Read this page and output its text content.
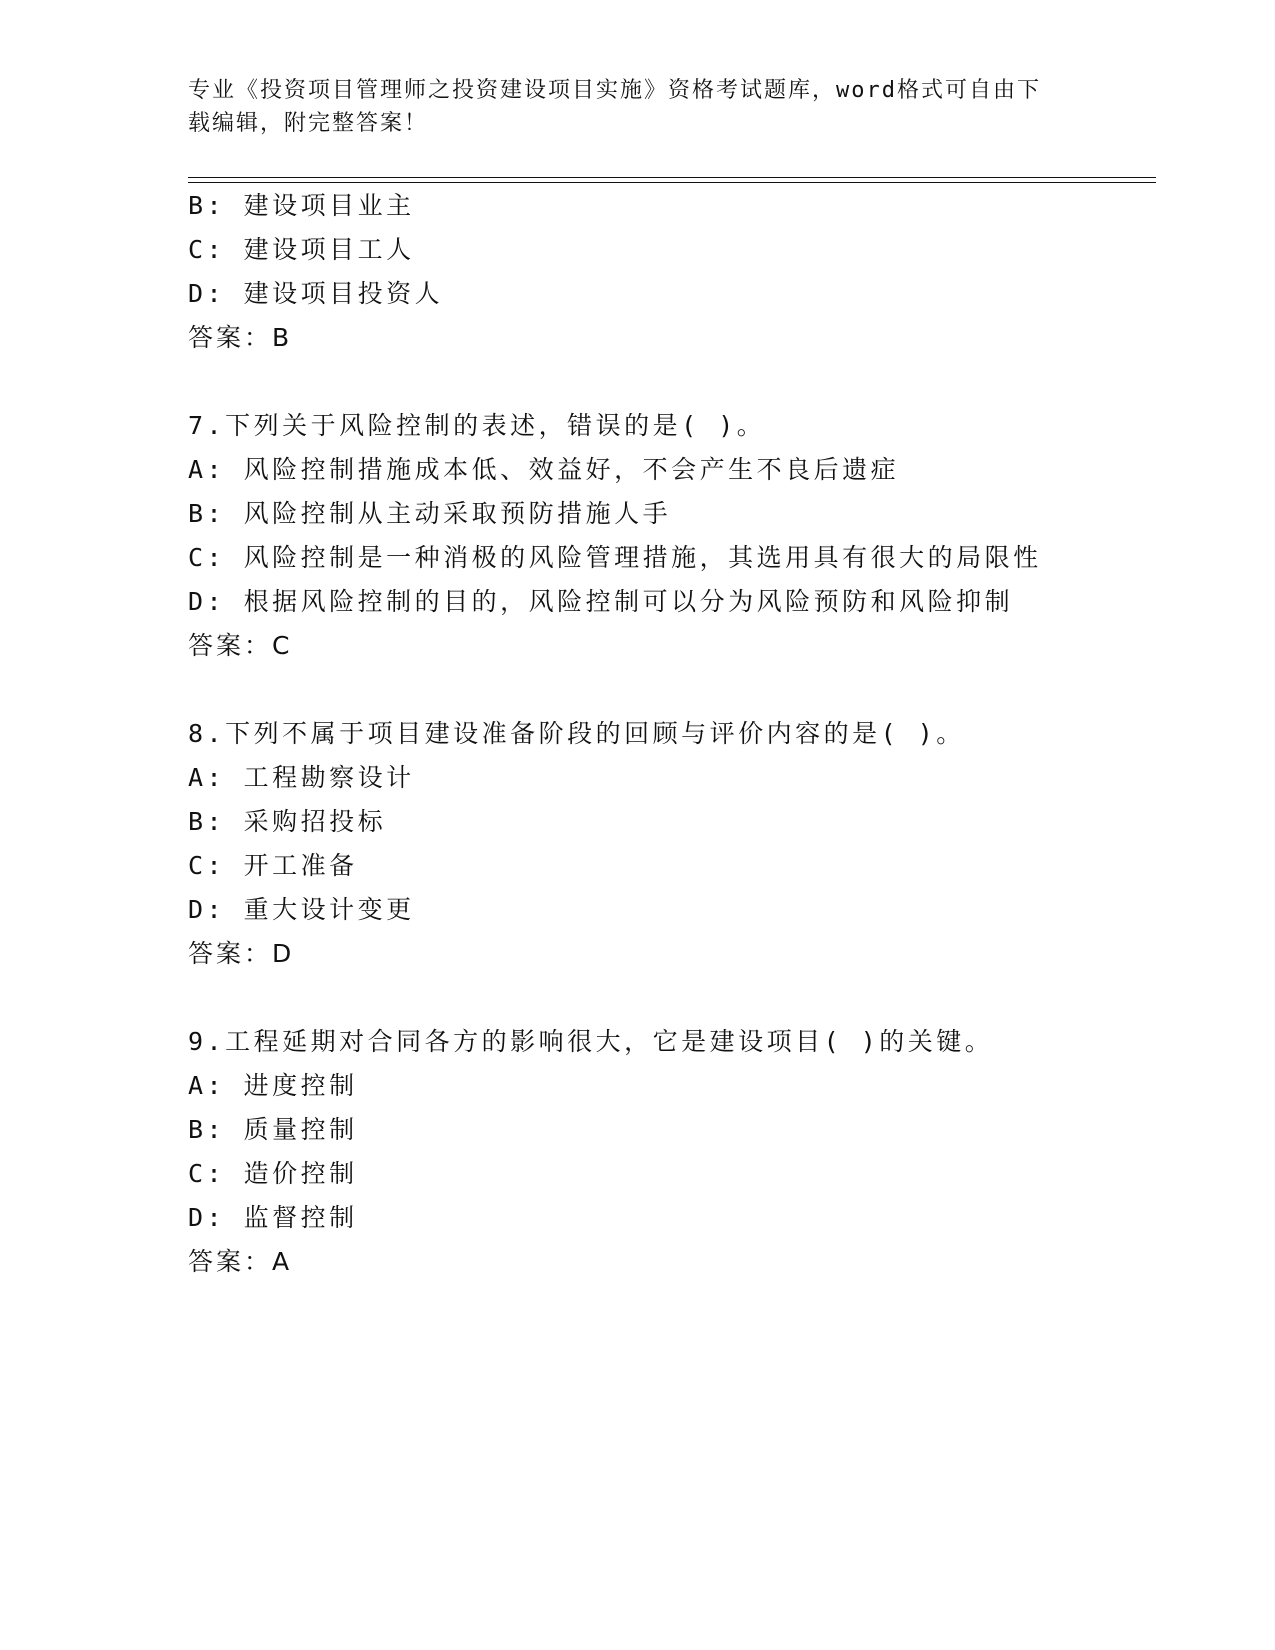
专业《投资项目管理师之投资建设项目实施》资格考试题库，word格式可自由下
载编辑，附完整答案！
B: 建设项目业主
C: 建设项目工人
D: 建设项目投资人
答案：B
7.下列关于风险控制的表述，错误的是( )。
A: 风险控制措施成本低、效益好，不会产生不良后遗症
B: 风险控制从主动采取预防措施人手
C: 风险控制是一种消极的风险管理措施，其选用具有很大的局限性
D: 根据风险控制的目的，风险控制可以分为风险预防和风险抑制
答案：C
8.下列不属于项目建设准备阶段的回顾与评价内容的是( )。
A: 工程勘察设计
B: 采购招投标
C: 开工准备
D: 重大设计变更
答案：D
9.工程延期对合同各方的影响很大，它是建设项目( )的关键。
A: 进度控制
B: 质量控制
C: 造价控制
D: 监督控制
答案：A
